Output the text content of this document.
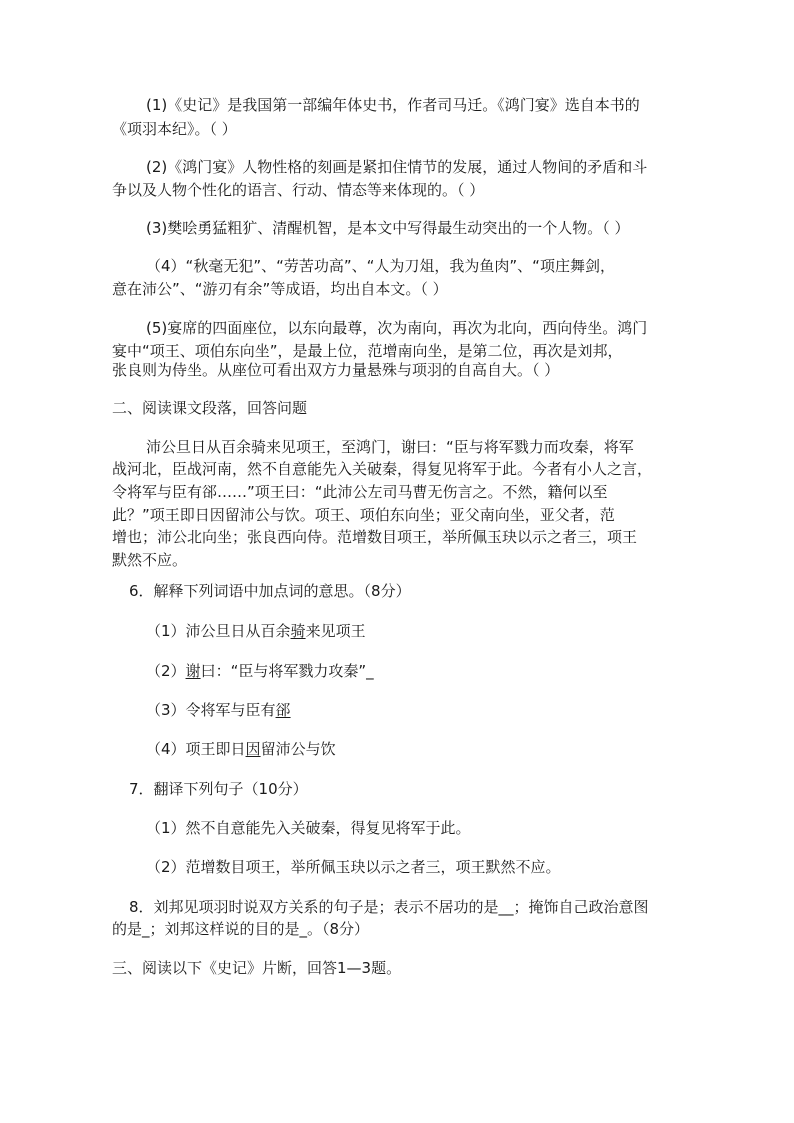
(1)《史记》是我国第一部编年体史书，作者司马迁。《鸿门宴》选自本书的
《项羽本纪》。（ ）
(2)《鸿门宴》人物性格的刻画是紧扣住情节的发展，通过人物间的矛盾和斗
争以及人物个性化的语言、行动、情态等来体现的。（ ）
(3)樊哙勇猛粗犷、清醒机智，是本文中写得最生动突出的一个人物。（ ）
（4）“秋毫无犯”、“劳苦功高”、“人为刀俎，我为鱼肉”、“项庄舞剑，
意在沛公”、“游刃有余”等成语，均出自本文。（ ）
(5)宴席的四面座位，以东向最尊，次为南向，再次为北向，西向侍坐。鸿门
宴中“项王、项伯东向坐”，是最上位，范增南向坐，是第二位，再次是刘邦，
张良则为侍坐。从座位可看出双方力量悬殊与项羽的自高自大。（ ）
二、阅读课文段落，回答问题
沛公旦日从百余骑来见项王，至鸿门，谢曰：“臣与将军戮力而攻秦，将军
战河北，臣战河南，然不自意能先入关破秦，得复见将军于此。今者有小人之言，
令将军与臣有郤……”项王曰：“此沛公左司马曹无伤言之。不然，籍何以至
此？”项王即日因留沛公与饮。项王、项伯东向坐；亚父南向坐，亚父者，范
增也；沛公北向坐；张良西向侍。范增数目项王，举所佩玉玦以示之者三，项王
默然不应。
6．解释下列词语中加点词的意思。（8分）
（1）沛公旦日从百余骑来见项王
（2）谢曰：“臣与将军戮力攻秦”_
（3）令将军与臣有郤
（4）项王即日因留沛公与饮
7．翻译下列句子（10分）
（1）然不自意能先入关破秦，得复见将军于此。
（2）范增数目项王，举所佩玉玦以示之者三，项王默然不应。
8．刘邦见项羽时说双方关系的句子是；表示不居功的是__；掩饰自己政治意图
的是_；刘邦这样说的目的是_。（8分）
三、阅读以下《史记》片断，回答1—3题。
